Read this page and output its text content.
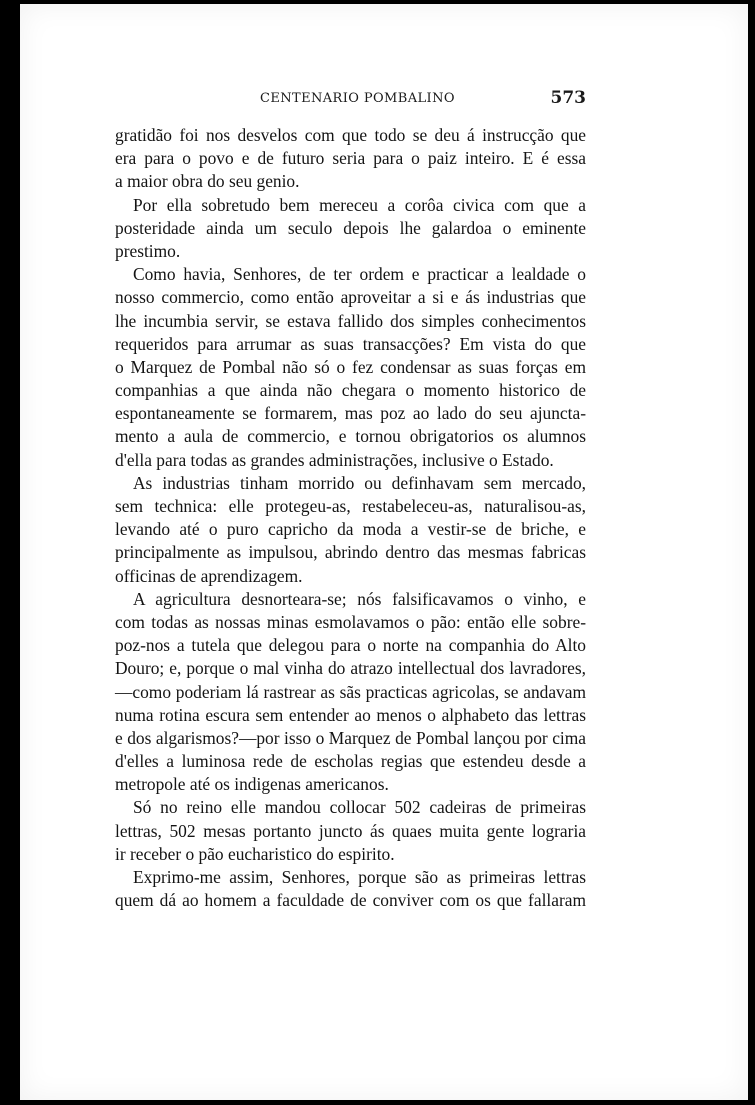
CENTENARIO POMBALINO	573
gratidão foi nos desvelos com que todo se deu á instrucção que
era para o povo e de futuro seria para o paiz inteiro. E é essa
a maior obra do seu genio.
Por ella sobretudo bem mereceu a corôa civica com que a
posteridade ainda um seculo depois lhe galardoa o eminente
prestimo.
Como havia, Senhores, de ter ordem e practicar a lealdade o
nosso commercio, como então aproveitar a si e ás industrias que
lhe incumbia servir, se estava fallido dos simples conhecimentos
requeridos para arrumar as suas transacções? Em vista do que
o Marquez de Pombal não só o fez condensar as suas forças em
companhias a que ainda não chegara o momento historico de
espontaneamente se formarem, mas poz ao lado do seu ajuncta-
mento a aula de commercio, e tornou obrigatorios os alumnos
d'ella para todas as grandes administrações, inclusive o Estado.
As industrias tinham morrido ou definhavam sem mercado,
sem technica: elle protegeu-as, restabeleceu-as, naturalisou-as,
levando até o puro capricho da moda a vestir-se de briche, e
principalmente as impulsou, abrindo dentro das mesmas fabricas
officinas de aprendizagem.
A agricultura desnorteara-se; nós falsificavamos o vinho, e
com todas as nossas minas esmolavamos o pão: então elle sobre-
poz-nos a tutela que delegou para o norte na companhia do Alto
Douro; e, porque o mal vinha do atrazo intellectual dos lavradores,
—como poderiam lá rastrear as sãs practicas agricolas, se andavam
numa rotina escura sem entender ao menos o alphabeto das lettras
e dos algarismos?—por isso o Marquez de Pombal lançou por cima
d'elles a luminosa rede de escholas regias que estendeu desde a
metropole até os indigenas americanos.
Só no reino elle mandou collocar 502 cadeiras de primeiras
lettras, 502 mesas portanto juncto ás quaes muita gente lograria
ir receber o pão eucharistico do espirito.
Exprimo-me assim, Senhores, porque são as primeiras lettras
quem dá ao homem a faculdade de conviver com os que fallaram
